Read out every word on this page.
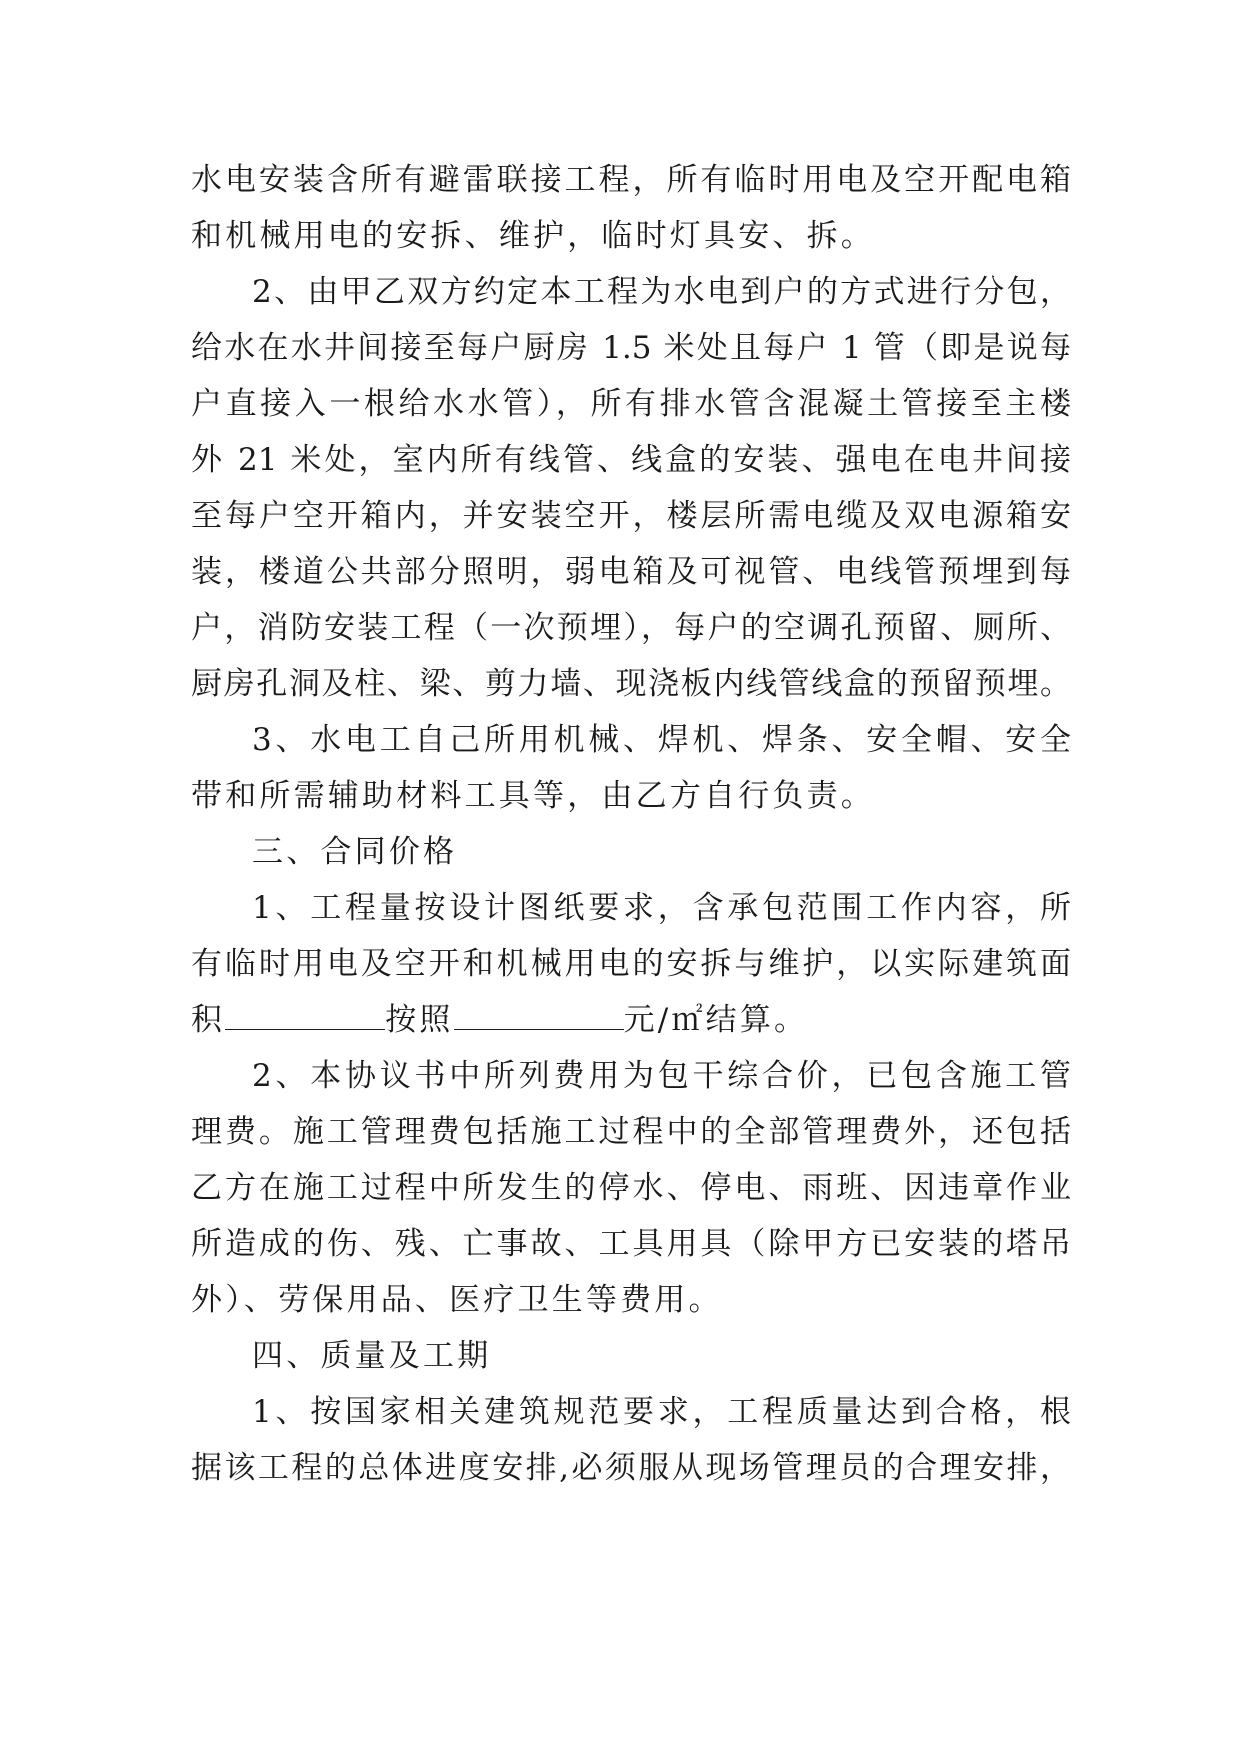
水电安装含所有避雷联接工程，所有临时用电及空开配电箱
和机械用电的安拆、维护，临时灯具安、拆。
2、由甲乙双方约定本工程为水电到户的方式进行分包，
给水在水井间接至每户厨房 1.5 米处且每户 1 管（即是说每
户直接入一根给水水管），所有排水管含混凝土管接至主楼
外 21 米处，室内所有线管、线盒的安装、强电在电井间接
至每户空开箱内，并安装空开，楼层所需电缆及双电源箱安
装，楼道公共部分照明，弱电箱及可视管、电线管预埋到每
户，消防安装工程（一次预埋），每户的空调孔预留、厕所、
厨房孔洞及柱、梁、剪力墙、现浇板内线管线盒的预留预埋。
3、水电工自己所用机械、焊机、焊条、安全帽、安全
带和所需辅助材料工具等，由乙方自行负责。
三、合同价格
1、工程量按设计图纸要求，含承包范围工作内容，所
有临时用电及空开和机械用电的安拆与维护，以实际建筑面
积	按照	元/㎡结算。
2、本协议书中所列费用为包干综合价，已包含施工管
理费。施工管理费包括施工过程中的全部管理费外，还包括
乙方在施工过程中所发生的停水、停电、雨班、因违章作业
所造成的伤、残、亡事故、工具用具（除甲方已安装的塔吊
外）、劳保用品、医疗卫生等费用。
四、质量及工期
1、按国家相关建筑规范要求，工程质量达到合格，根
据该工程的总体进度安排,必须服从现场管理员的合理安排，
